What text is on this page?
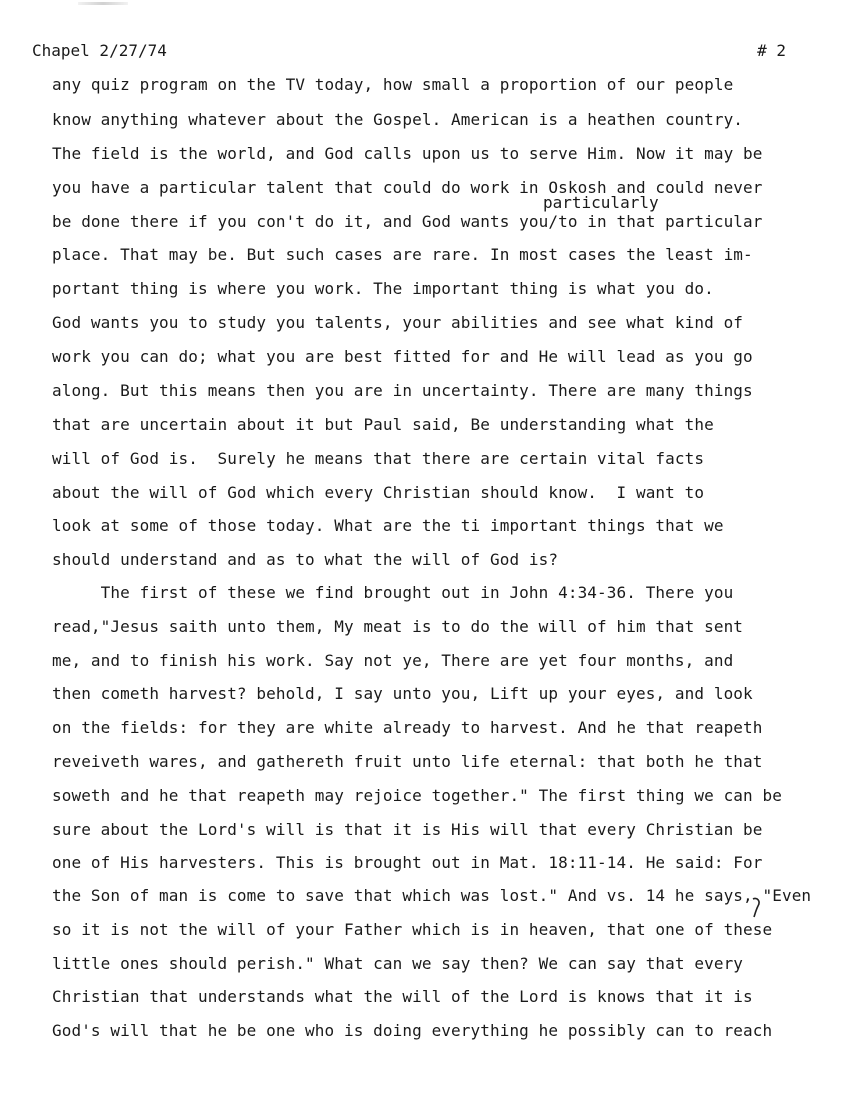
Chapel 2/27/74	# 2
particularly
any quiz program on the TV today, how small a proportion of our people
know anything whatever about the Gospel. American is a heathen country.
The field is the world, and God calls upon us to serve Him. Now it may be
you have a particular talent that could do work in Oskosh and could never
be done there if you con't do it, and God wants you/to in that particular
place. That may be. But such cases are rare. In most cases the least im-
portant thing is where you work. The important thing is what you do.
God wants you to study you talents, your abilities and see what kind of
work you can do; what you are best fitted for and He will lead as you go
along. But this means then you are in uncertainty. There are many things
that are uncertain about it but Paul said, Be understanding what the
will of God is.  Surely he means that there are certain vital facts
about the will of God which every Christian should know.  I want to
look at some of those today. What are the ti important things that we
should understand and as to what the will of God is?
The first of these we find brought out in John 4:34-36. There you
read,"Jesus saith unto them, My meat is to do the will of him that sent
me, and to finish his work. Say not ye, There are yet four months, and
then cometh harvest? behold, I say unto you, Lift up your eyes, and look
on the fields: for they are white already to harvest. And he that reapeth
reveiveth wares, and gathereth fruit unto life eternal: that both he that
soweth and he that reapeth may rejoice together." The first thing we can be
sure about the Lord's will is that it is His will that every Christian be
one of His harvesters. This is brought out in Mat. 18:11-14. He said: For
the Son of man is come to save that which was lost." And vs. 14 he says, "Even
so it is not the will of your Father which is in heaven, that one of these
little ones should perish." What can we say then? We can say that every
Christian that understands what the will of the Lord is knows that it is
God's will that he be one who is doing everything he possibly can to reach
